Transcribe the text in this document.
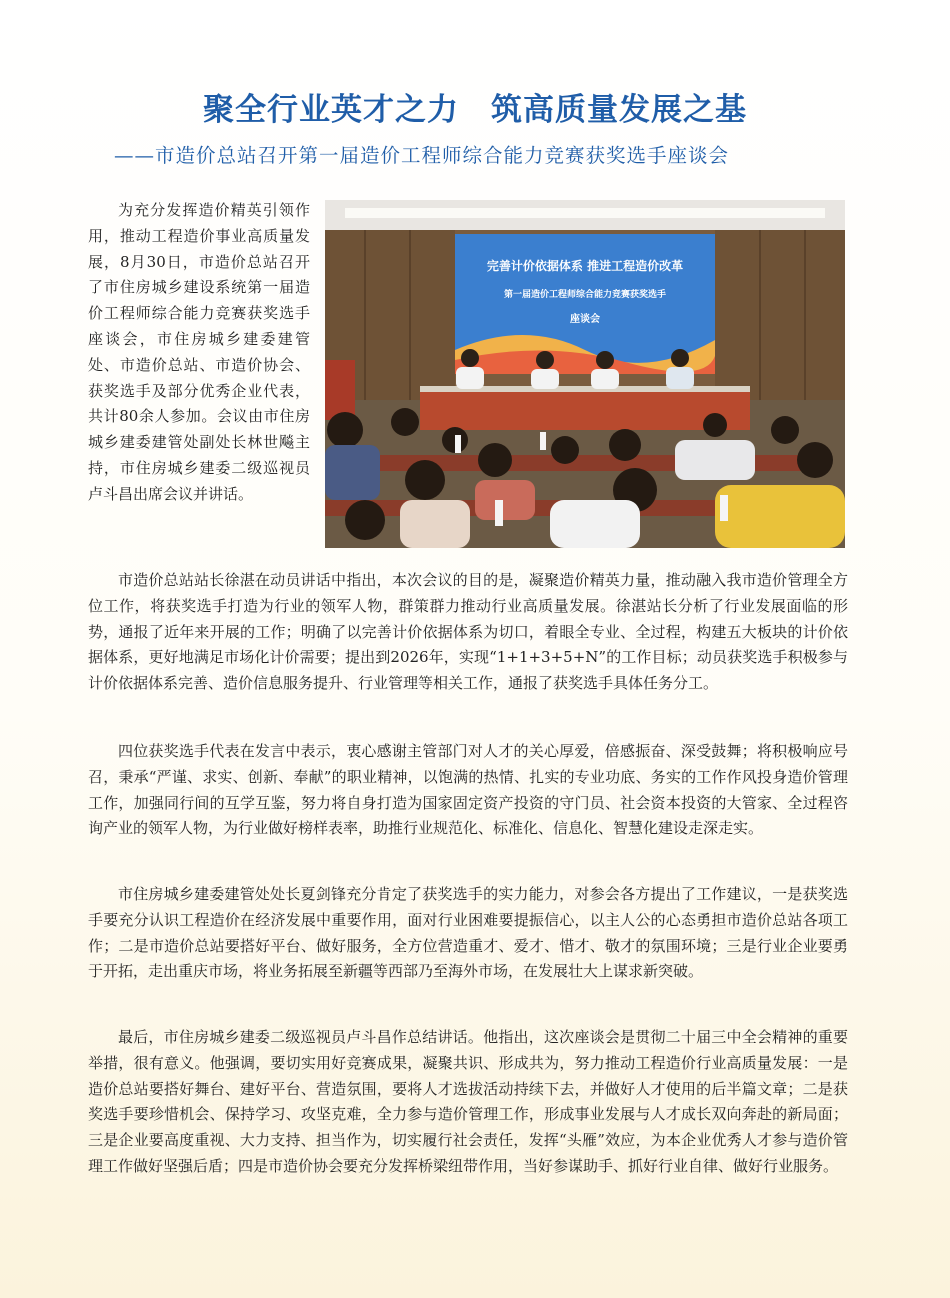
聚全行业英才之力　筑高质量发展之基
——市造价总站召开第一届造价工程师综合能力竞赛获奖选手座谈会

为充分发挥造价精英引领作用，推动工程造价事业高质量发展，8月30日，市造价总站召开了市住房城乡建设系统第一届造价工程师综合能力竞赛获奖选手座谈会，市住房城乡建委建管处、市造价总站、市造价协会、获奖选手及部分优秀企业代表，共计80余人参加。会议由市住房城乡建委建管处副处长林世飚主持，市住房城乡建委二级巡视员卢斗昌出席会议并讲话。

完善计价依据体系 推进工程造价改革
第一届造价工程师综合能力竞赛获奖选手
座谈会

市造价总站站长徐湛在动员讲话中指出，本次会议的目的是，凝聚造价精英力量，推动融入我市造价管理全方位工作，将获奖选手打造为行业的领军人物，群策群力推动行业高质量发展。徐湛站长分析了行业发展面临的形势，通报了近年来开展的工作；明确了以完善计价依据体系为切口，着眼全专业、全过程，构建五大板块的计价依据体系，更好地满足市场化计价需要；提出到2026年，实现“1+1+3+5+N”的工作目标；动员获奖选手积极参与计价依据体系完善、造价信息服务提升、行业管理等相关工作，通报了获奖选手具体任务分工。

四位获奖选手代表在发言中表示，衷心感谢主管部门对人才的关心厚爱，倍感振奋、深受鼓舞；将积极响应号召，秉承“严谨、求实、创新、奉献”的职业精神，以饱满的热情、扎实的专业功底、务实的工作作风投身造价管理工作，加强同行间的互学互鉴，努力将自身打造为国家固定资产投资的守门员、社会资本投资的大管家、全过程咨询产业的领军人物，为行业做好榜样表率，助推行业规范化、标准化、信息化、智慧化建设走深走实。

市住房城乡建委建管处处长夏剑锋充分肯定了获奖选手的实力能力，对参会各方提出了工作建议，一是获奖选手要充分认识工程造价在经济发展中重要作用，面对行业困难要提振信心，以主人公的心态勇担市造价总站各项工作；二是市造价总站要搭好平台、做好服务，全方位营造重才、爱才、惜才、敬才的氛围环境；三是行业企业要勇于开拓，走出重庆市场，将业务拓展至新疆等西部乃至海外市场，在发展壮大上谋求新突破。

最后，市住房城乡建委二级巡视员卢斗昌作总结讲话。他指出，这次座谈会是贯彻二十届三中全会精神的重要举措，很有意义。他强调，要切实用好竞赛成果，凝聚共识、形成共为，努力推动工程造价行业高质量发展：一是造价总站要搭好舞台、建好平台、营造氛围，要将人才选拔活动持续下去，并做好人才使用的后半篇文章；二是获奖选手要珍惜机会、保持学习、攻坚克难，全力参与造价管理工作，形成事业发展与人才成长双向奔赴的新局面；三是企业要高度重视、大力支持、担当作为，切实履行社会责任，发挥“头雁”效应，为本企业优秀人才参与造价管理工作做好坚强后盾；四是市造价协会要充分发挥桥梁纽带作用，当好参谋助手、抓好行业自律、做好行业服务。
